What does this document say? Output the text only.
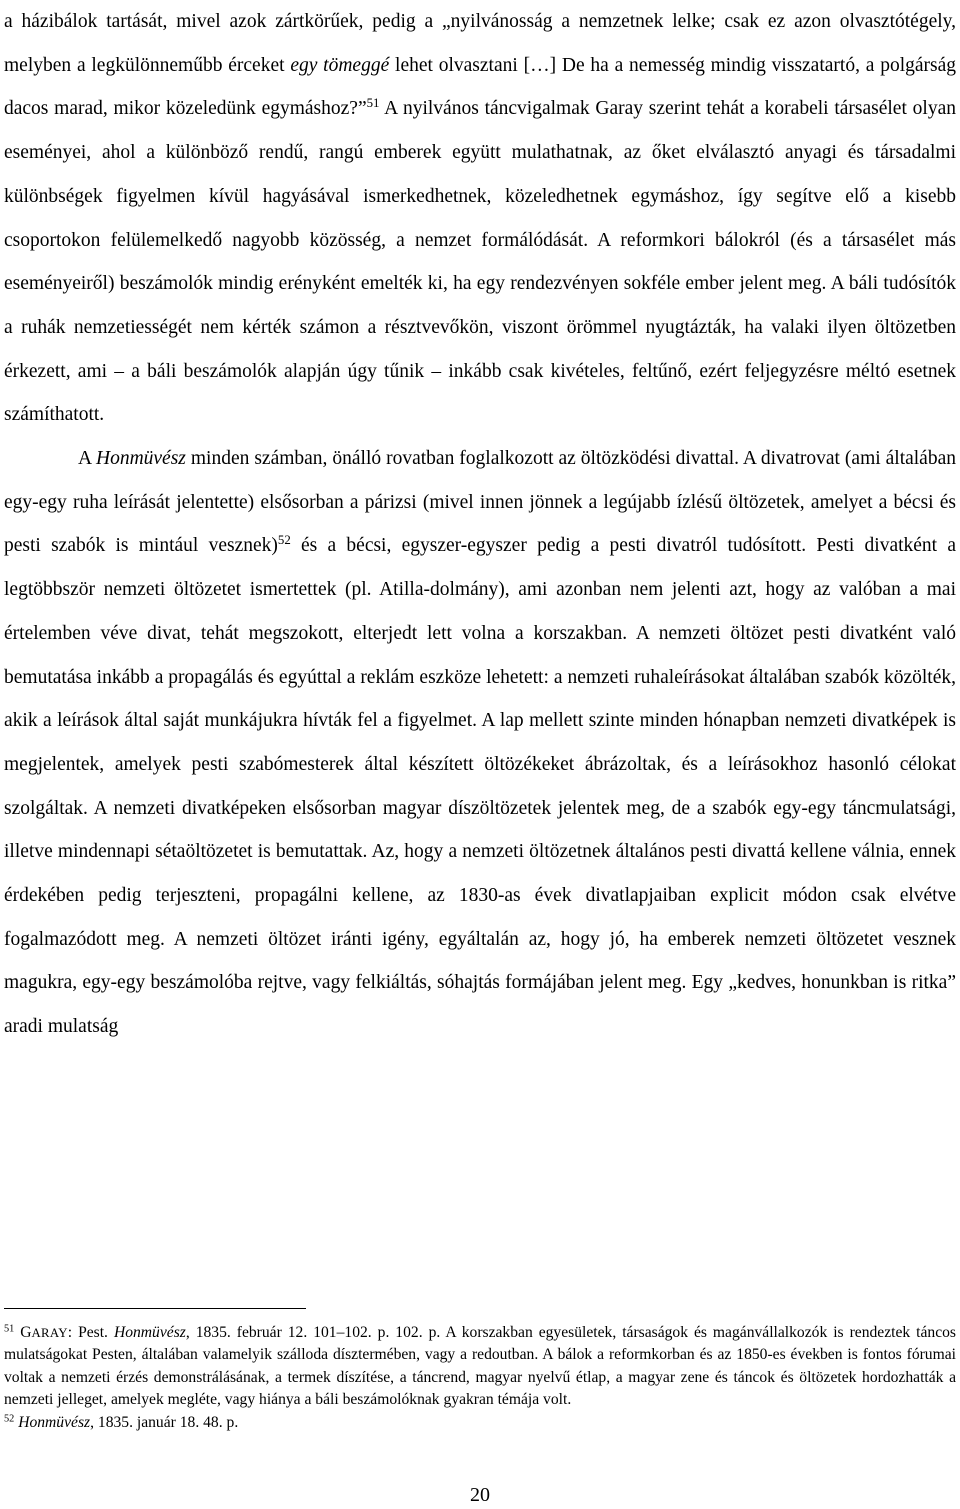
a házibálok tartását, mivel azok zártkörűek, pedig a „nyilvánosság a nemzetnek lelke; csak ez azon olvasztótégely, melyben a legkülönneműbb érceket egy tömeggé lehet olvasztani […] De ha a nemesség mindig visszatartó, a polgárság dacos marad, mikor közeledünk egymáshoz?”$^{51}$ A nyilvános táncvigalmak Garay szerint tehát a korabeli társasélet olyan eseményei, ahol a különböző rendű, rangú emberek együtt mulathatnak, az őket elválasztó anyagi és társadalmi különbségek figyelmen kívül hagyásával ismerkedhetnek, közeledhetnek egymáshoz, így segítve elő a kisebb csoportokon felülemelkedő nagyobb közösség, a nemzet formálódását. A reformkori bálokról (és a társasélet más eseményeiről) beszámolók mindig erényként emelték ki, ha egy rendezvényen sokféle ember jelent meg. A báli tudósítók a ruhák nemzetiességét nem kérték számon a résztvevőkön, viszont örömmel nyugtázták, ha valaki ilyen öltözetben érkezett, ami – a báli beszámolók alapján úgy tűnik – inkább csak kivételes, feltűnő, ezért feljegyzésre méltó esetnek számíthatott.

A Honmüvész minden számban, önálló rovatban foglalkozott az öltözködési divattal. A divatrovat (ami általában egy-egy ruha leírását jelentette) elsősorban a párizsi (mivel innen jönnek a legújabb ízlésű öltözetek, amelyet a bécsi és pesti szabók is mintául vesznek)$^{52}$ és a bécsi, egyszer-egyszer pedig a pesti divatról tudósított. Pesti divatként a legtöbbször nemzeti öltözetet ismertettek (pl. Atilla-dolmány), ami azonban nem jelenti azt, hogy az valóban a mai értelemben véve divat, tehát megszokott, elterjedt lett volna a korszakban. A nemzeti öltözet pesti divatként való bemutatása inkább a propagálás és egyúttal a reklám eszköze lehetett: a nemzeti ruhaleírásokat általában szabók közölték, akik a leírások által saját munkájukra hívták fel a figyelmet. A lap mellett szinte minden hónapban nemzeti divatképek is megjelentek, amelyek pesti szabómesterek által készített öltözékeket ábrázoltak, és a leírásokhoz hasonló célokat szolgáltak. A nemzeti divatképeken elsősorban magyar díszöltözetek jelentek meg, de a szabók egy-egy táncmulatsági, illetve mindennapi sétaöltözetet is bemutattak. Az, hogy a nemzeti öltözetnek általános pesti divattá kellene válnia, ennek érdekében pedig terjeszteni, propagálni kellene, az 1830-as évek divatlapjaiban explicit módon csak elvétve fogalmazódott meg. A nemzeti öltözet iránti igény, egyáltalán az, hogy jó, ha emberek nemzeti öltözetet vesznek magukra, egy-egy beszámolóba rejtve, vagy felkiáltás, sóhajtás formájában jelent meg. Egy „kedves, honunkban is ritka” aradi mulatság

$^{51}$ GARAY: Pest. Honmüvész, 1835. február 12. 101–102. p. 102. p. A korszakban egyesületek, társaságok és magánvállalkozók is rendeztek táncos mulatságokat Pesten, általában valamelyik szálloda dísztermében, vagy a redoutban. A bálok a reformkorban és az 1850-es években is fontos fórumai voltak a nemzeti érzés demonstrálásának, a termek díszítése, a táncrend, magyar nyelvű étlap, a magyar zene és táncok és öltözetek hordozhatták a nemzeti jelleget, amelyek megléte, vagy hiánya a báli beszámolóknak gyakran témája volt.

$^{52}$ Honmüvész, 1835. január 18. 48. p.

20
